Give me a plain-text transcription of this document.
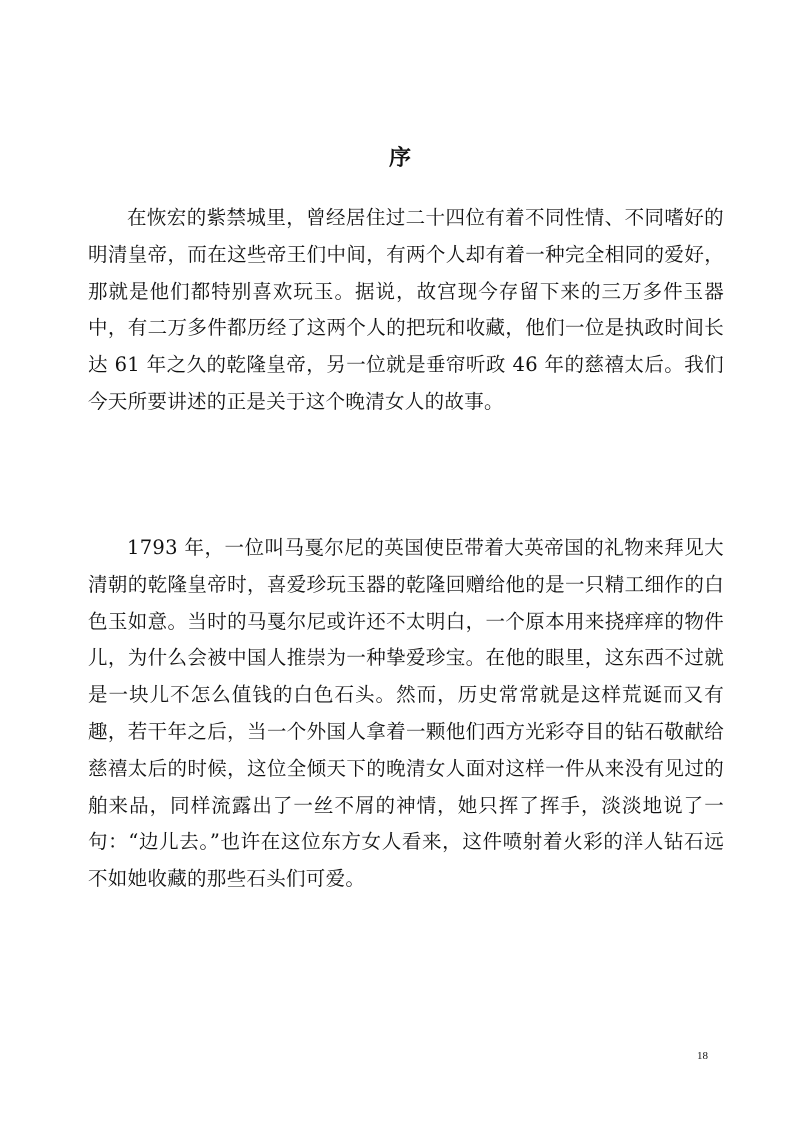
序

在恢宏的紫禁城里，曾经居住过二十四位有着不同性情、不同嗜好的明清皇帝，而在这些帝王们中间，有两个人却有着一种完全相同的爱好，那就是他们都特别喜欢玩玉。据说，故宫现今存留下来的三万多件玉器中，有二万多件都历经了这两个人的把玩和收藏，他们一位是执政时间长达 61 年之久的乾隆皇帝，另一位就是垂帘听政 46 年的慈禧太后。我们今天所要讲述的正是关于这个晚清女人的故事。

1793 年，一位叫马戛尔尼的英国使臣带着大英帝国的礼物来拜见大清朝的乾隆皇帝时，喜爱珍玩玉器的乾隆回赠给他的是一只精工细作的白色玉如意。当时的马戛尔尼或许还不太明白，一个原本用来挠痒痒的物件儿，为什么会被中国人推崇为一种挚爱珍宝。在他的眼里，这东西不过就是一块儿不怎么值钱的白色石头。然而，历史常常就是这样荒诞而又有趣，若干年之后，当一个外国人拿着一颗他们西方光彩夺目的钻石敬献给慈禧太后的时候，这位全倾天下的晚清女人面对这样一件从来没有见过的舶来品，同样流露出了一丝不屑的神情，她只挥了挥手，淡淡地说了一句：“边儿去。”也许在这位东方女人看来，这件喷射着火彩的洋人钻石远不如她收藏的那些石头们可爱。

18
